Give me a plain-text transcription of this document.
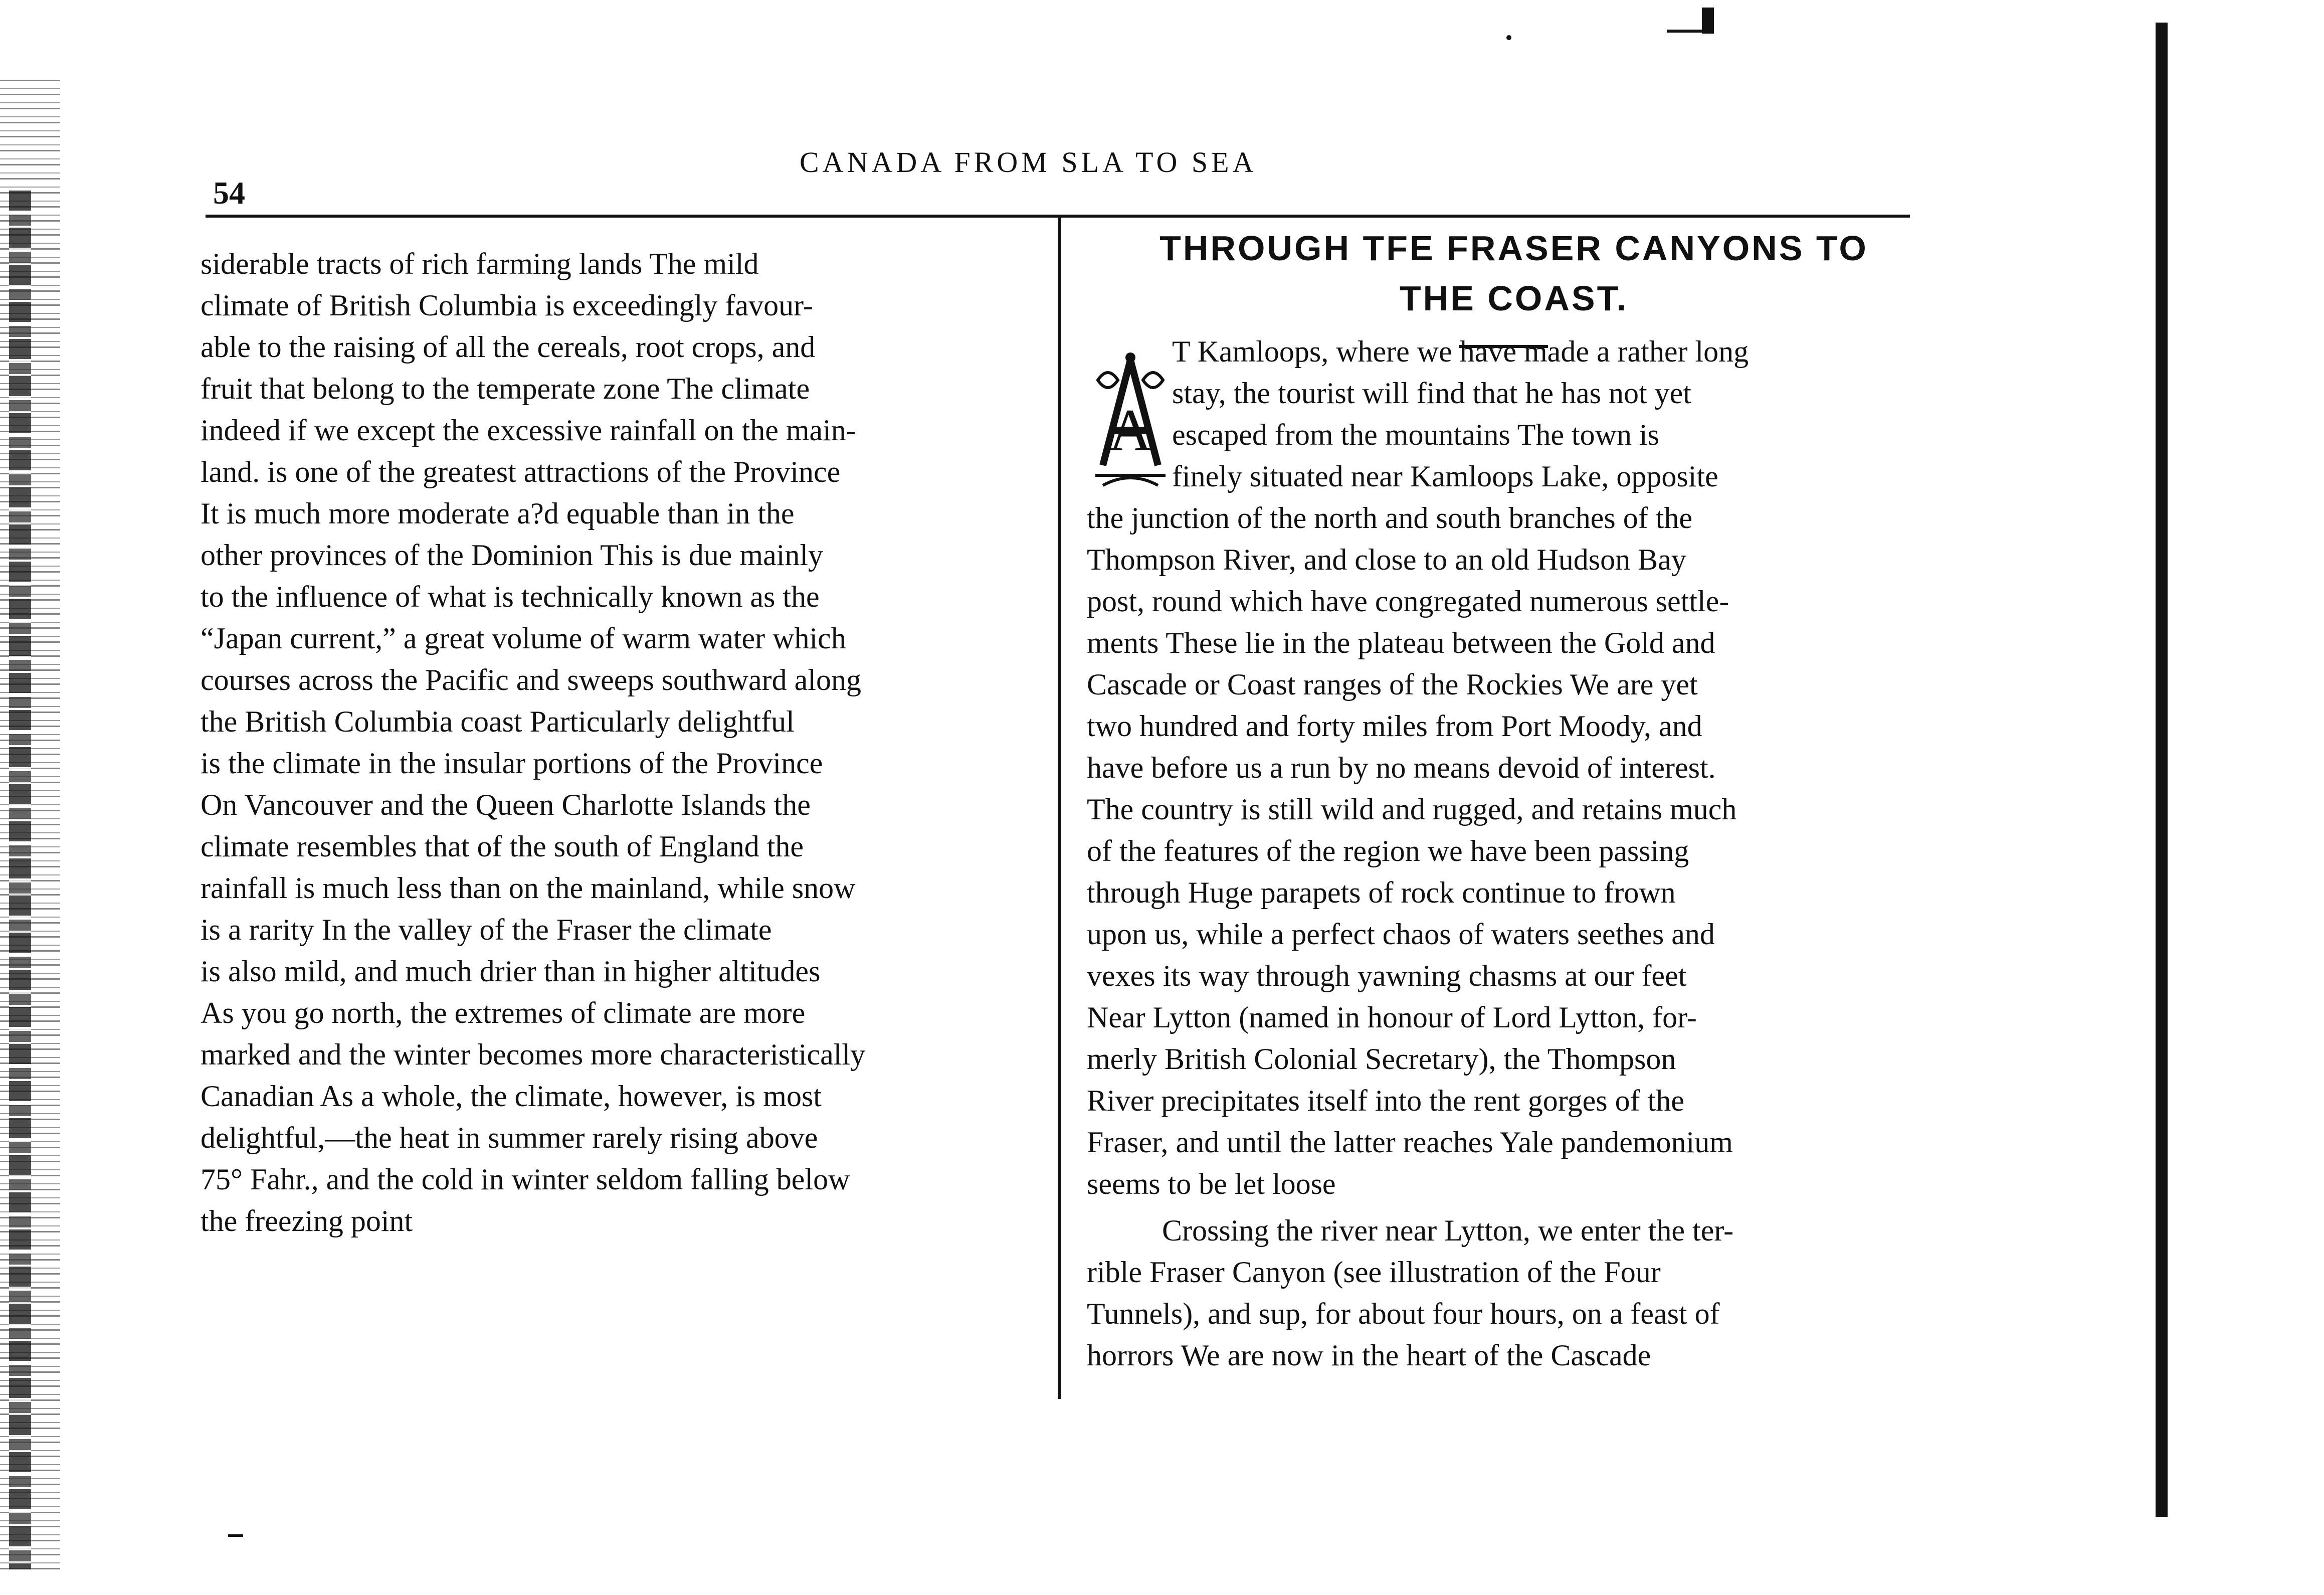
54
CANADA FROM SLA TO SEA
siderable tracts of rich farming lands The mild
climate of British Columbia is exceedingly favour-
able to the raising of all the cereals, root crops, and
fruit that belong to the temperate zone The climate
indeed if we except the excessive rainfall on the main-
land. is one of the greatest attractions of the Province
It is much more moderate a?d equable than in the
other provinces of the Dominion This is due mainly
to the influence of what is technically known as the
“Japan current,” a great volume of warm water which
courses across the Pacific and sweeps southward along
the British Columbia coast Particularly delightful
is the climate in the insular portions of the Province
On Vancouver and the Queen Charlotte Islands the
climate resembles that of the south of England the
rainfall is much less than on the mainland, while snow
is a rarity In the valley of the Fraser the climate
is also mild, and much drier than in higher altitudes
As you go north, the extremes of climate are more
marked and the winter becomes more characteristically
Canadian As a whole, the climate, however, is most
delightful,—the heat in summer rarely rising above
75° Fahr., and the cold in winter seldom falling below
the freezing point
THROUGH TFE FRASER CANYONS TO
THE COAST.
A
T Kamloops, where we have made a rather long
stay, the tourist will find that he has not yet
escaped from the mountains The town is
finely situated near Kamloops Lake, opposite
the junction of the north and south branches of the
Thompson River, and close to an old Hudson Bay
post, round which have congregated numerous settle-
ments These lie in the plateau between the Gold and
Cascade or Coast ranges of the Rockies We are yet
two hundred and forty miles from Port Moody, and
have before us a run by no means devoid of interest.
The country is still wild and rugged, and retains much
of the features of the region we have been passing
through Huge parapets of rock continue to frown
upon us, while a perfect chaos of waters seethes and
vexes its way through yawning chasms at our feet
Near Lytton (named in honour of Lord Lytton, for-
merly British Colonial Secretary), the Thompson
River precipitates itself into the rent gorges of the
Fraser, and until the latter reaches Yale pandemonium
seems to be let loose
Crossing the river near Lytton, we enter the ter-
rible Fraser Canyon (see illustration of the Four
Tunnels), and sup, for about four hours, on a feast of
horrors We are now in the heart of the Cascade
